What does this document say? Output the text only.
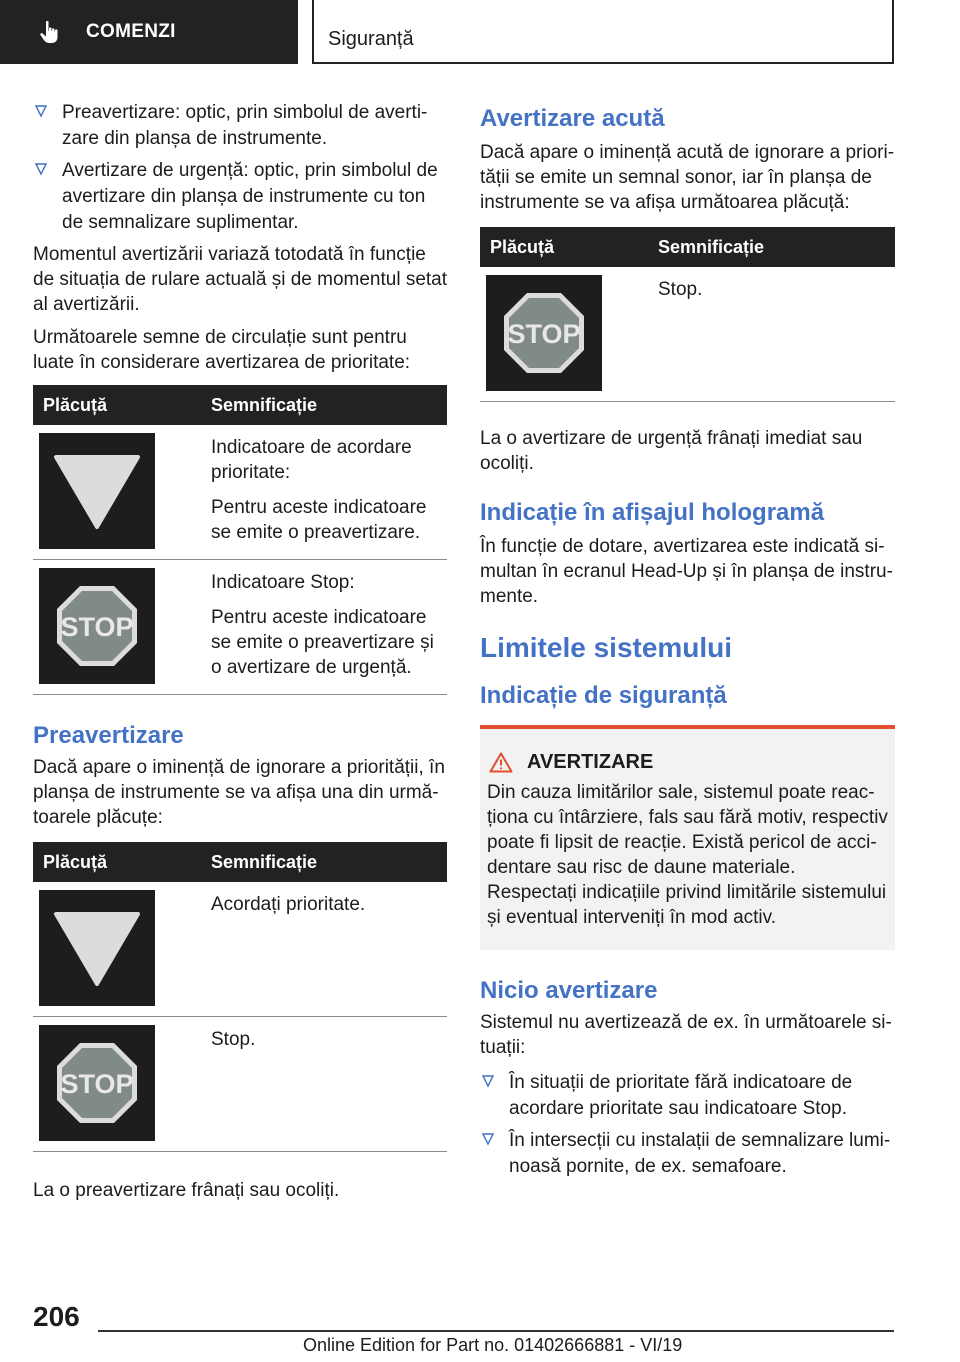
COMENZI	Siguranță
Preavertizare: optic, prin simbolul de avertizare din planșa de instrumente.
Avertizare de urgență: optic, prin simbolul de avertizare din planșa de instrumente cu ton de semnalizare suplimentar.

Momentul avertizării variază totodată în funcție de situația de rulare actuală și de momentul setat al avertizării.

Următoarele semne de circulație sunt pentru luate în considerare avertizarea de prioritate:

Plăcuță	Semnificație

Indicatoare de acordare prioritate:

Pentru aceste indicatoare se emite o preavertizare.

STOP	Indicatoare Stop:

Pentru aceste indicatoare se emite o preavertizare și o avertizare de urgență.

Preavertizare

Dacă apare o iminență de ignorare a priorității, în planșa de instrumente se va afișa una din următoarele plăcuțe:

Plăcuță	Semnificație

Acordați prioritate.

STOP	Stop.

La o preavertizare frânați sau ocoliți.

Avertizare acută

Dacă apare o iminență acută de ignorare a priorității se emite un semnal sonor, iar în planșa de instrumente se va afișa următoarea plăcuță:

Plăcuță	Semnificație

STOP	Stop.

La o avertizare de urgență frânați imediat sau ocoliți.

Indicație în afișajul hologramă

În funcție de dotare, avertizarea este indicată simultan în ecranul Head-Up și în planșa de instrumente.

Limitele sistemului
Indicație de siguranță
AVERTIZARE

Din cauza limitărilor sale, sistemul poate reacționa cu întârziere, fals sau fără motiv, respectiv poate fi lipsit de reacție. Există pericol de accidentare sau risc de daune materiale. Respectați indicațiile privind limitările sistemului și eventual interveniți în mod activ.

Nicio avertizare

Sistemul nu avertizează de ex. în următoarele situații:

În situații de prioritate fără indicatoare de acordare prioritate sau indicatoare Stop.
În intersecții cu instalații de semnalizare luminoasă pornite, de ex. semafoare.
206
Online Edition for Part no. 01402666881 - VI/19
